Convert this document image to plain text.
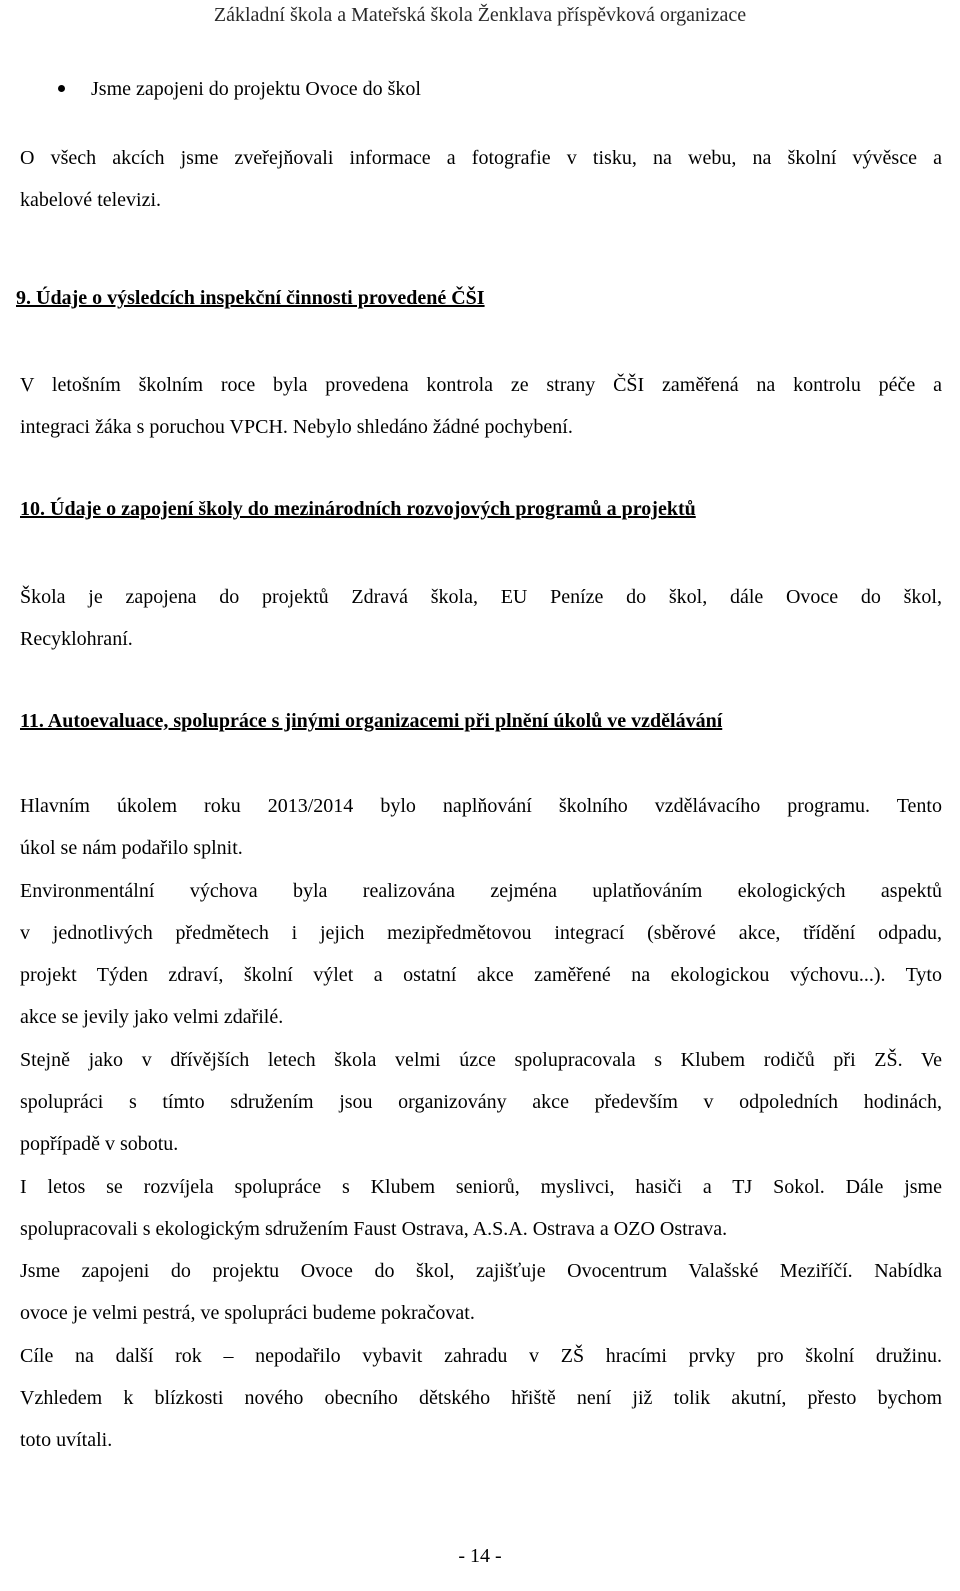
Základní škola a Mateřská škola Ženklava příspěvková organizace
Jsme zapojeni do projektu Ovoce do škol
O všech akcích jsme zveřejňovali informace a fotografie v tisku, na webu, na školní vývěsce a
kabelové televizi.
9. Údaje o výsledcích inspekční činnosti provedené ČŠI
V letošním školním roce byla provedena kontrola ze strany ČŠI zaměřená na kontrolu péče a
integraci žáka s poruchou VPCH. Nebylo shledáno žádné pochybení.
10. Údaje o zapojení školy do mezinárodních rozvojových programů a projektů
Škola je zapojena do projektů Zdravá škola, EU Peníze do škol, dále Ovoce do škol,
Recyklohraní.
11. Autoevaluace, spolupráce s jinými organizacemi při plnění úkolů ve vzdělávání
Hlavním úkolem roku 2013/2014 bylo naplňování školního vzdělávacího programu. Tento
úkol se nám podařilo splnit.
Environmentální výchova byla realizována zejména uplatňováním ekologických aspektů
v jednotlivých předmětech i jejich mezipředmětovou integrací (sběrové akce, třídění odpadu,
projekt Týden zdraví, školní výlet a ostatní akce zaměřené na ekologickou výchovu...). Tyto
akce se jevily jako velmi zdařilé.
Stejně jako v dřívějších letech škola velmi úzce spolupracovala s Klubem rodičů při ZŠ. Ve
spolupráci s tímto sdružením jsou organizovány akce především v odpoledních hodinách,
popřípadě v sobotu.
I letos se rozvíjela spolupráce s Klubem seniorů, myslivci, hasiči a TJ Sokol. Dále jsme
spolupracovali s ekologickým sdružením Faust Ostrava, A.S.A. Ostrava a OZO Ostrava.
Jsme zapojeni do projektu Ovoce do škol, zajišťuje Ovocentrum Valašské Meziříčí. Nabídka
ovoce je velmi pestrá, ve spolupráci budeme pokračovat.
Cíle na další rok – nepodařilo vybavit zahradu v ZŠ hracími prvky pro školní družinu.
Vzhledem k blízkosti nového obecního dětského hřiště není již tolik akutní, přesto bychom
toto uvítali.
- 14 -
